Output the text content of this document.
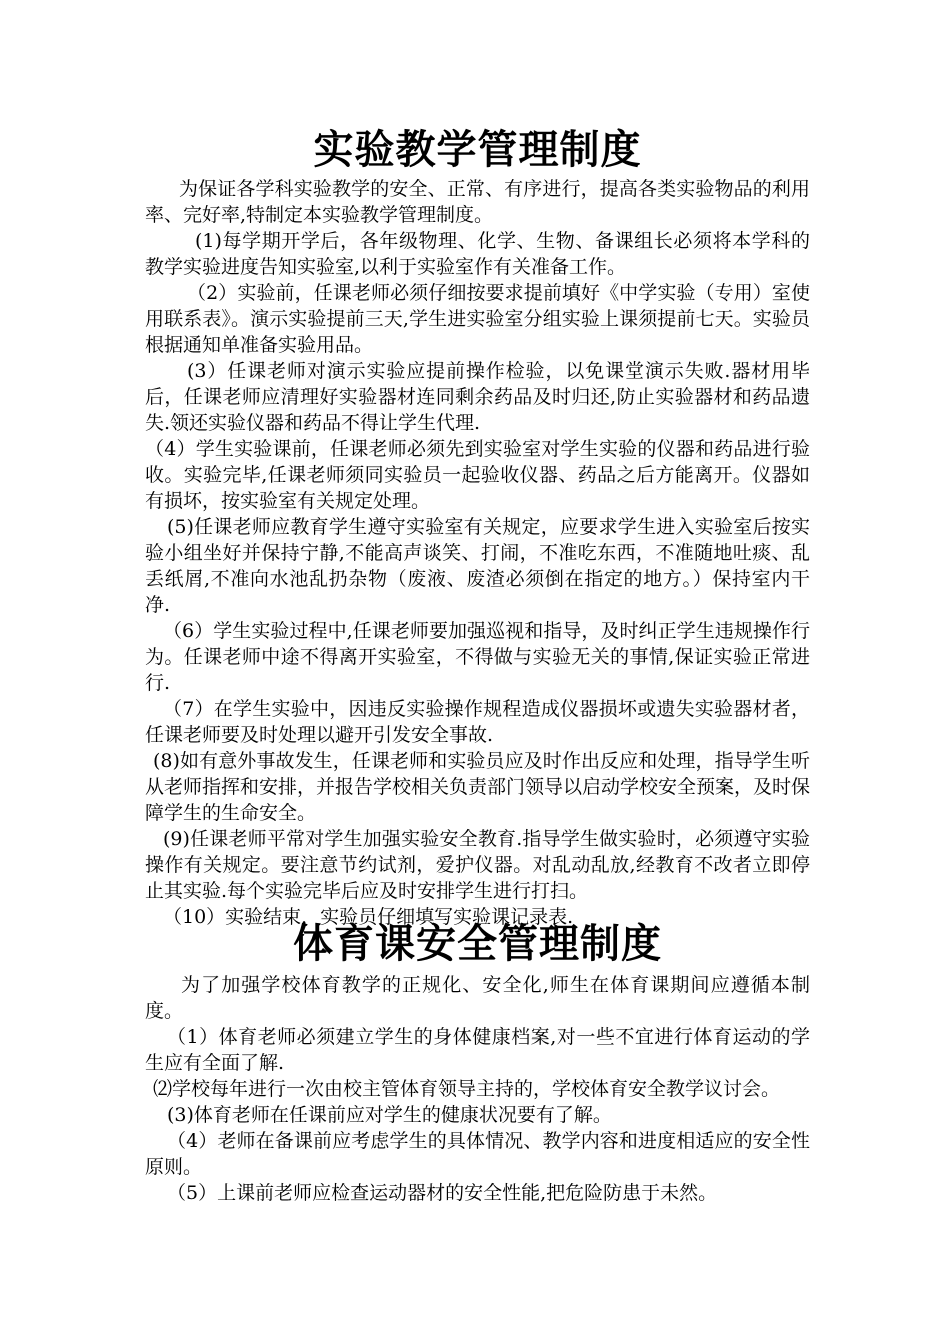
实验教学管理制度

为保证各学科实验教学的安全、正常、有序进行，提高各类实验物品的利用率、完好率,特制定本实验教学管理制度。

(1)每学期开学后，各年级物理、化学、生物、备课组长必须将本学科的教学实验进度告知实验室,以利于实验室作有关准备工作。

（2）实验前，任课老师必须仔细按要求提前填好《中学实验（专用）室使用联系表》。演示实验提前三天,学生进实验室分组实验上课须提前七天。实验员根据通知单准备实验用品。

(3）任课老师对演示实验应提前操作检验，以免课堂演示失败.器材用毕后，任课老师应清理好实验器材连同剩余药品及时归还,防止实验器材和药品遗失.领还实验仪器和药品不得让学生代理.

（4）学生实验课前，任课老师必须先到实验室对学生实验的仪器和药品进行验收。实验完毕,任课老师须同实验员一起验收仪器、药品之后方能离开。仪器如有损坏，按实验室有关规定处理。

(5)任课老师应教育学生遵守实验室有关规定，应要求学生进入实验室后按实验小组坐好并保持宁静,不能高声谈笑、打闹，不准吃东西，不准随地吐痰、乱丢纸屑,不准向水池乱扔杂物（废液、废渣必须倒在指定的地方。）保持室内干净.

（6）学生实验过程中,任课老师要加强巡视和指导，及时纠正学生违规操作行为。任课老师中途不得离开实验室，不得做与实验无关的事情,保证实验正常进行.

（7）在学生实验中，因违反实验操作规程造成仪器损坏或遗失实验器材者，任课老师要及时处理以避开引发安全事故.

(8)如有意外事故发生，任课老师和实验员应及时作出反应和处理，指导学生听从老师指挥和安排，并报告学校相关负责部门领导以启动学校安全预案，及时保障学生的生命安全。

(9)任课老师平常对学生加强实验安全教育.指导学生做实验时，必须遵守实验操作有关规定。要注意节约试剂，爱护仪器。对乱动乱放,经教育不改者立即停止其实验.每个实验完毕后应及时安排学生进行打扫。

（10）实验结束，实验员仔细填写实验课记录表.

体育课安全管理制度

为了加强学校体育教学的正规化、安全化,师生在体育课期间应遵循本制度。

（1）体育老师必须建立学生的身体健康档案,对一些不宜进行体育运动的学生应有全面了解.

⑵学校每年进行一次由校主管体育领导主持的，学校体育安全教学议讨会。

(3)体育老师在任课前应对学生的健康状况要有了解。

（4）老师在备课前应考虑学生的具体情况、教学内容和进度相适应的安全性原则。

（5）上课前老师应检查运动器材的安全性能,把危险防患于未然。
